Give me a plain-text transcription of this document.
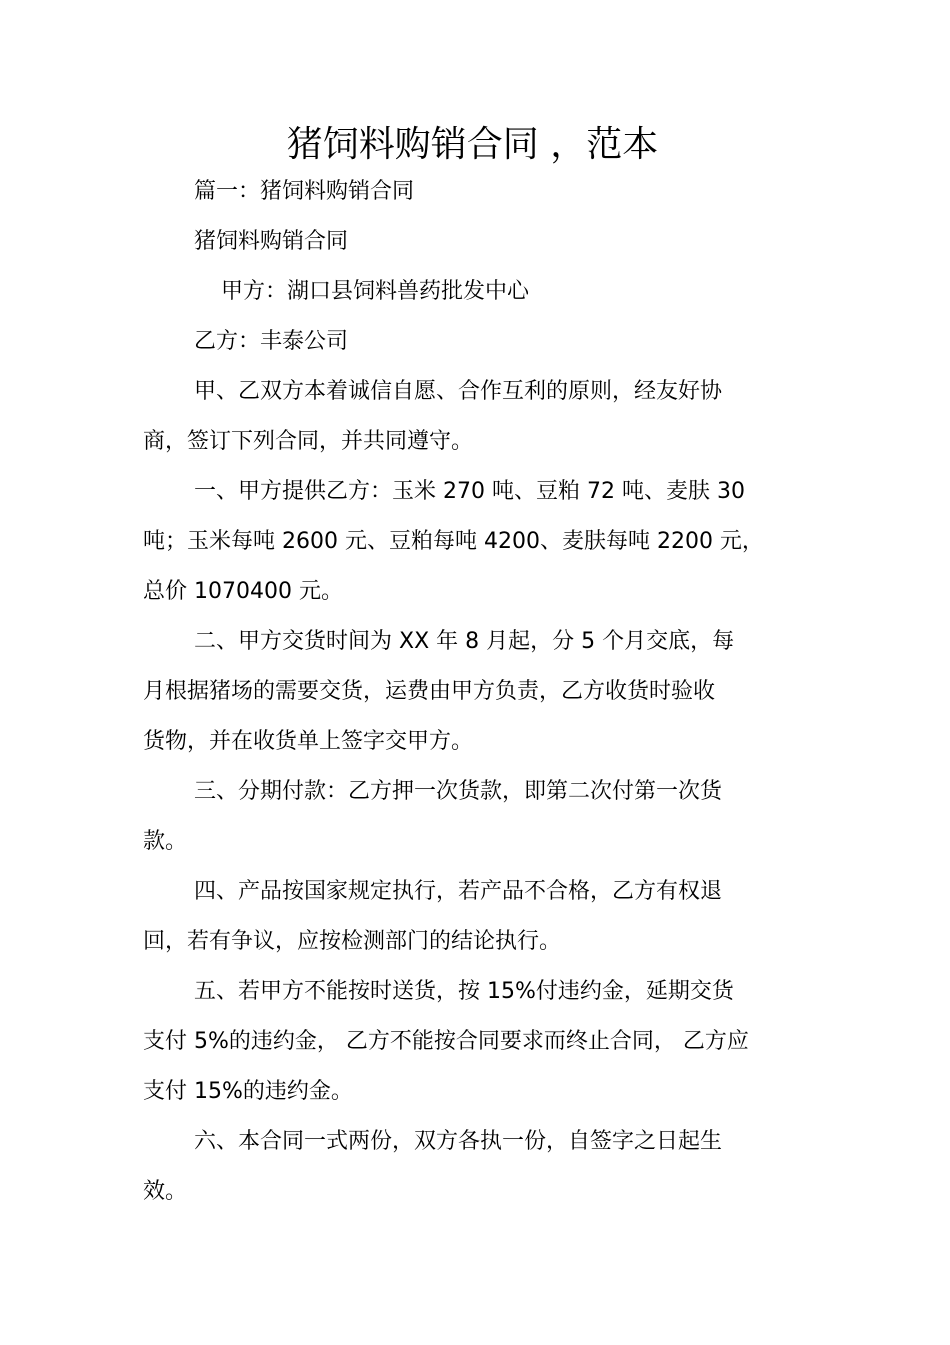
猪饲料购销合同 ，范本
篇一：猪饲料购销合同
猪饲料购销合同
甲方：湖口县饲料兽药批发中心
乙方：丰泰公司
甲、乙双方本着诚信自愿、合作互利的原则，经友好协
商，签订下列合同，并共同遵守。
一、甲方提供乙方：玉米 270 吨、豆粕 72 吨、麦肤 30
吨；玉米每吨 2600 元、豆粕每吨 4200、麦肤每吨 2200 元，
总价 1070400 元。
二、甲方交货时间为 XX 年 8 月起，分 5 个月交底，每
月根据猪场的需要交货，运费由甲方负责，乙方收货时验收
货物，并在收货单上签字交甲方。
三、分期付款：乙方押一次货款，即第二次付第一次货
款。
四、产品按国家规定执行，若产品不合格，乙方有权退
回，若有争议，应按检测部门的结论执行。
五、若甲方不能按时送货，按 15%付违约金，延期交货
支付 5%的违约金， 乙方不能按合同要求而终止合同， 乙方应
支付 15%的违约金。
六、本合同一式两份，双方各执一份，自签字之日起生
效。
